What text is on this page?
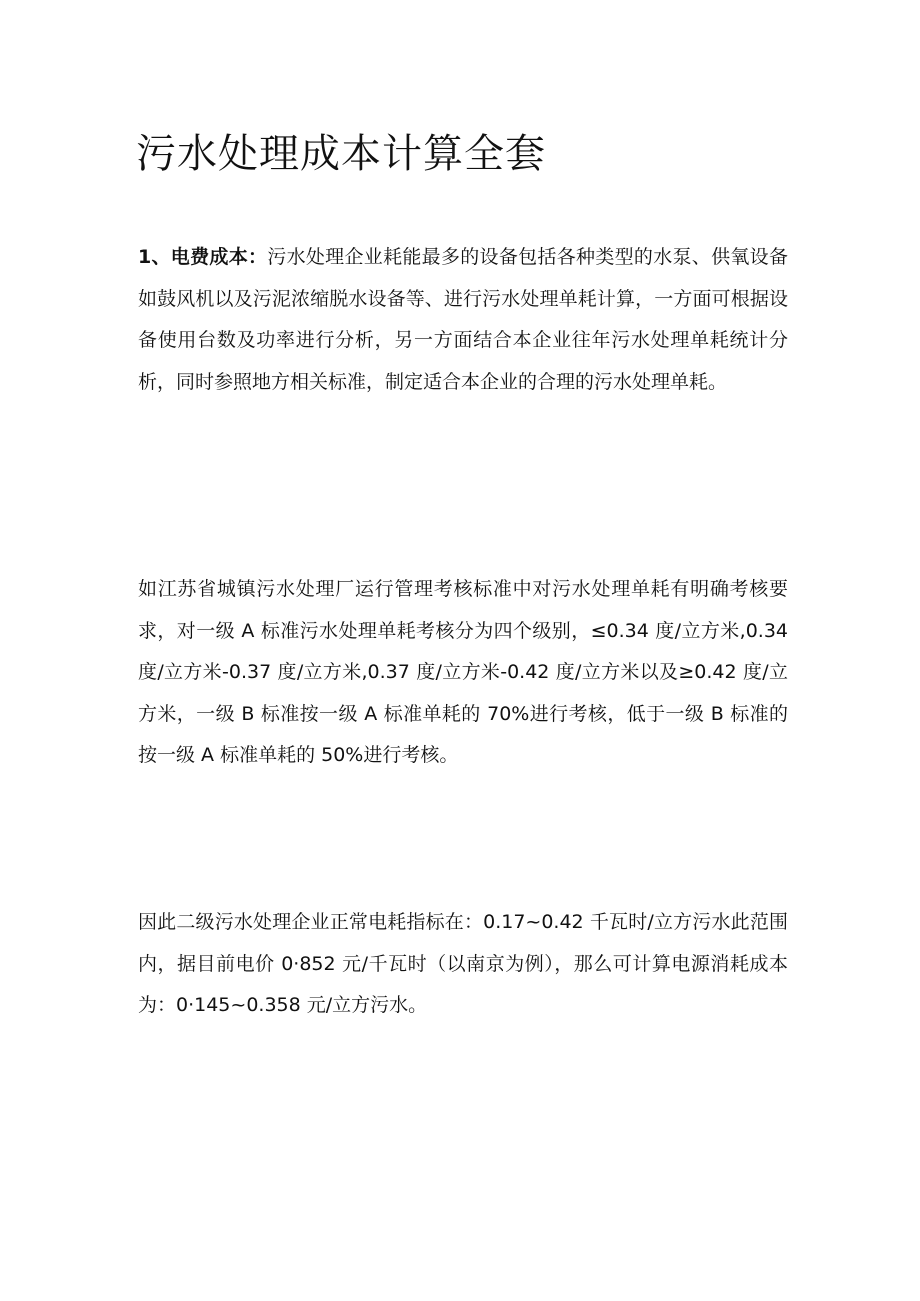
污水处理成本计算全套

1、电费成本：污水处理企业耗能最多的设备包括各种类型的水泵、供氧设备如鼓风机以及污泥浓缩脱水设备等、进行污水处理单耗计算，一方面可根据设备使用台数及功率进行分析，另一方面结合本企业往年污水处理单耗统计分析，同时参照地方相关标准，制定适合本企业的合理的污水处理单耗。

如江苏省城镇污水处理厂运行管理考核标准中对污水处理单耗有明确考核要求，对一级 A 标准污水处理单耗考核分为四个级别，≤0.34 度/立方米,0.34 度/立方米-0.37 度/立方米,0.37 度/立方米-0.42 度/立方米以及≥0.42 度/立方米，一级 B 标准按一级 A 标准单耗的 70%进行考核，低于一级 B 标准的按一级 A 标准单耗的 50%进行考核。

因此二级污水处理企业正常电耗指标在：0.17~0.42 千瓦时/立方污水此范围内，据目前电价 0·852 元/千瓦时（以南京为例），那么可计算电源消耗成本为：0·145~0.358 元/立方污水。
